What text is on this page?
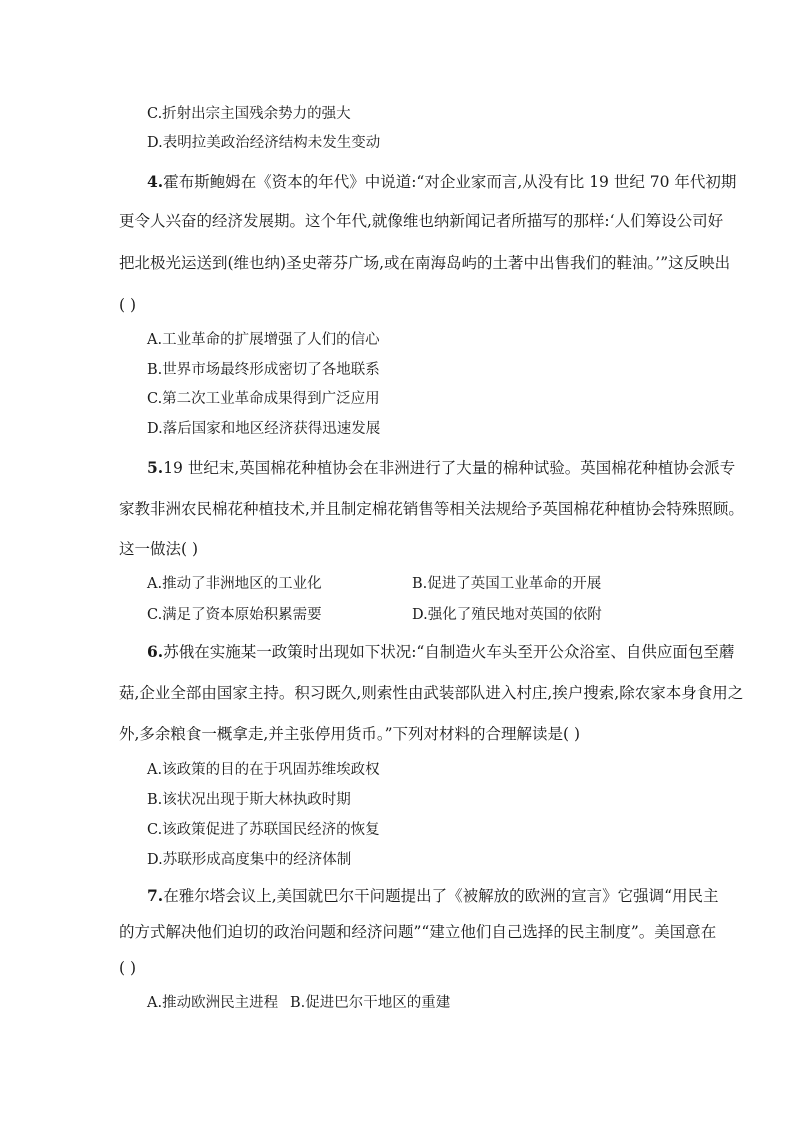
C.折射出宗主国残余势力的强大
D.表明拉美政治经济结构未发生变动
4.霍布斯鲍姆在《资本的年代》中说道:“对企业家而言,从没有比 19 世纪 70 年代初期
更令人兴奋的经济发展期。这个年代,就像维也纳新闻记者所描写的那样:‘人们筹设公司好
把北极光运送到(维也纳)圣史蒂芬广场,或在南海岛屿的土著中出售我们的鞋油。’”这反映出
( )
A.工业革命的扩展增强了人们的信心
B.世界市场最终形成密切了各地联系
C.第二次工业革命成果得到广泛应用
D.落后国家和地区经济获得迅速发展
5.19 世纪末,英国棉花种植协会在非洲进行了大量的棉种试验。英国棉花种植协会派专
家教非洲农民棉花种植技术,并且制定棉花销售等相关法规给予英国棉花种植协会特殊照顾。
这一做法( )
A.推动了非洲地区的工业化	B.促进了英国工业革命的开展
C.满足了资本原始积累需要	D.强化了殖民地对英国的依附
6.苏俄在实施某一政策时出现如下状况:“自制造火车头至开公众浴室、自供应面包至蘑
菇,企业全部由国家主持。积习既久,则索性由武装部队进入村庄,挨户搜索,除农家本身食用之
外,多余粮食一概拿走,并主张停用货币。”下列对材料的合理解读是( )
A.该政策的目的在于巩固苏维埃政权
B.该状况出现于斯大林执政时期
C.该政策促进了苏联国民经济的恢复
D.苏联形成高度集中的经济体制
7.在雅尔塔会议上,美国就巴尔干问题提出了《被解放的欧洲的宣言》它强调“用民主
的方式解决他们迫切的政治问题和经济问题”“建立他们自己选择的民主制度”。美国意在
( )
A.推动欧洲民主进程 B.促进巴尔干地区的重建
